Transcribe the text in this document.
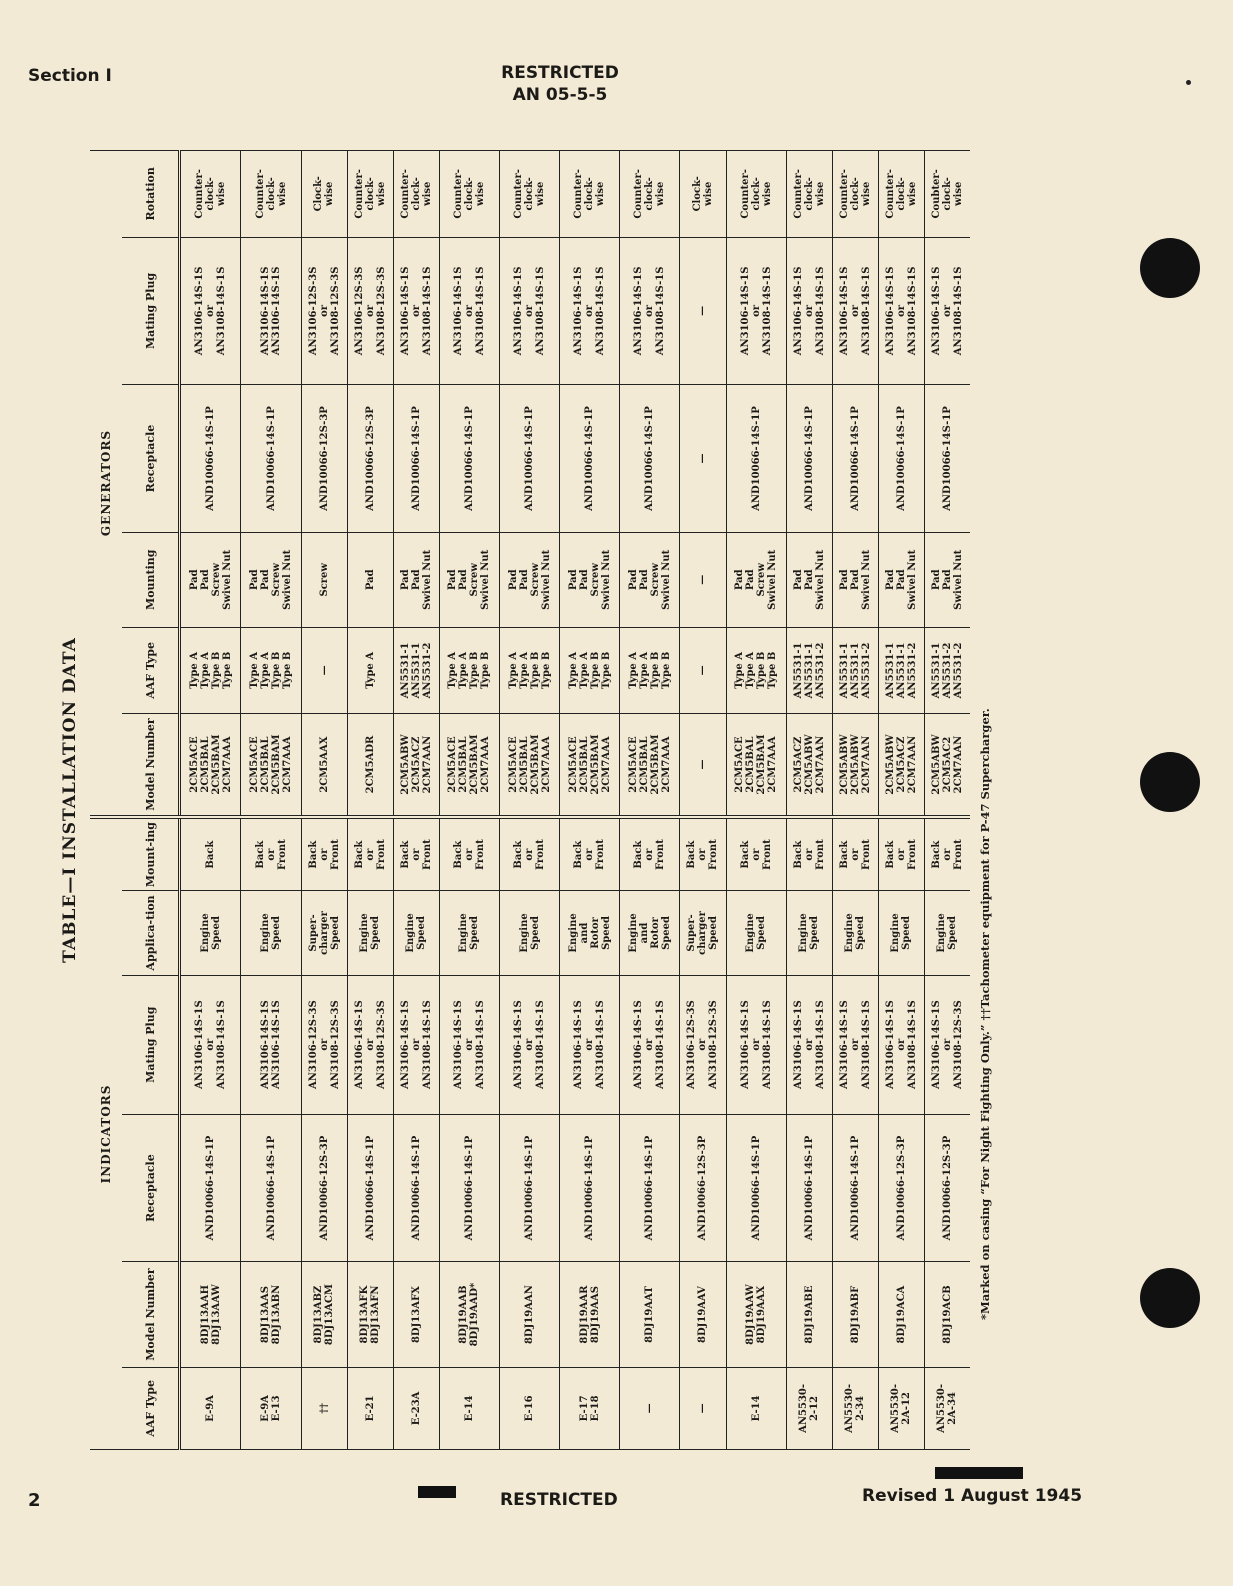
Section I	RESTRICTED
AN 05-5-5
TABLE—I INSTALLATION DATA
INDICATORS						GENERATORS					
AAF Type	Model Number	Receptacle	Mating Plug	Applica-tion	Mount-ing	Model Number	AAF Type	Mounting	Receptacle	Mating Plug	Rotation

E-9A	8DJ13AAH 8DJ13AAW	AND10066-14S-1P	AN3106-14S-1S or AN3108-14S-1S	Engine Speed	Back	2CM5ACE 2CM5BAL 2CM5BAM 2CM7AAA	Type A Type A Type B Type B	Pad Pad Screw Swivel Nut	AND10066-14S-1P	AN3106-14S-1S or AN3108-14S-1S	Counter- clock- wise

E-9A E-13	8DJ13AAS 8DJ13ABN	AND10066-14S-1P	AN3106-14S-1S AN3106-14S-1S	Engine Speed	Back or Front	2CM5ACE 2CM5BAL 2CM5BAM 2CM7AAA	Type A Type A Type B Type B	Pad Pad Screw Swivel Nut	AND10066-14S-1P	AN3106-14S-1S AN3106-14S-1S	Counter- clock- wise

††	8DJ13ABZ 8DJ13ACM	AND10066-12S-3P	AN3106-12S-3S or AN3108-12S-3S	Super- charger Speed	Back or Front	2CM5AAX	—	Screw	AND10066-12S-3P	AN3106-12S-3S or AN3108-12S-3S	Clock- wise

E-21	8DJ13AFK 8DJ13AFN	AND10066-14S-1P	AN3106-14S-1S or AN3108-12S-3S	Engine Speed	Back or Front	2CM5ADR	Type A	Pad	AND10066-12S-3P	AN3106-12S-3S or AN3108-12S-3S	Counter- clock- wise

E-23A	8DJ13AFX	AND10066-14S-1P	AN3106-14S-1S or AN3108-14S-1S	Engine Speed	Back or Front	2CM5ABW 2CM5ACZ 2CM7AAN	AN5531-1 AN5531-1 AN5531-2	Pad Pad Swivel Nut	AND10066-14S-1P	AN3106-14S-1S or AN3108-14S-1S	Counter- clock- wise

E-14	8DJ19AAB 8DJ19AAD*	AND10066-14S-1P	AN3106-14S-1S or AN3108-14S-1S	Engine Speed	Back or Front	2CM5ACE 2CM5BAL 2CM5BAM 2CM7AAA	Type A Type A Type B Type B	Pad Pad Screw Swivel Nut	AND10066-14S-1P	AN3106-14S-1S or AN3108-14S-1S	Counter- clock- wise

E-16	8DJ19AAN	AND10066-14S-1P	AN3106-14S-1S or AN3108-14S-1S	Engine Speed	Back or Front	2CM5ACE 2CM5BAL 2CM5BAM 2CM7AAA	Type A Type A Type B Type B	Pad Pad Screw Swivel Nut	AND10066-14S-1P	AN3106-14S-1S or AN3108-14S-1S	Counter- clock- wise

E-17 E-18	8DJ19AAR 8DJ19AAS	AND10066-14S-1P	AN3106-14S-1S or AN3108-14S-1S	Engine and Rotor Speed	Back or Front	2CM5ACE 2CM5BAL 2CM5BAM 2CM7AAA	Type A Type A Type B Type B	Pad Pad Screw Swivel Nut	AND10066-14S-1P	AN3106-14S-1S or AN3108-14S-1S	Counter- clock- wise

—	8DJ19AAT	AND10066-14S-1P	AN3106-14S-1S or AN3108-14S-1S	Engine and Rotor Speed	Back or Front	2CM5ACE 2CM5BAL 2CM5BAM 2CM7AAA	Type A Type A Type B Type B	Pad Pad Screw Swivel Nut	AND10066-14S-1P	AN3106-14S-1S or AN3108-14S-1S	Counter- clock- wise

—	8DJ19AAV	AND10066-12S-3P	AN3106-12S-3S or AN3108-12S-3S	Super- charger Speed	Back or Front	—	—	—	—	—	Clock- wise

E-14	8DJ19AAW 8DJ19AAX	AND10066-14S-1P	AN3106-14S-1S or AN3108-14S-1S	Engine Speed	Back or Front	2CM5ACE 2CM5BAL 2CM5BAM 2CM7AAA	Type A Type A Type B Type B	Pad Pad Screw Swivel Nut	AND10066-14S-1P	AN3106-14S-1S or AN3108-14S-1S	Counter- clock- wise

AN5530- 2-12	8DJ19ABE	AND10066-14S-1P	AN3106-14S-1S or AN3108-14S-1S	Engine Speed	Back or Front	2CM5ACZ 2CM5ABW 2CM7AAN	AN5531-1 AN5531-1 AN5531-2	Pad Pad Swivel Nut	AND10066-14S-1P	AN3106-14S-1S or AN3108-14S-1S	Counter- clock- wise

AN5530- 2-34	8DJ19ABF	AND10066-14S-1P	AN3106-14S-1S or AN3108-14S-1S	Engine Speed	Back or Front	2CM5ABW 2CM5ABW 2CM7AAN	AN5531-1 AN5531-1 AN5531-2	Pad Pad Swivel Nut	AND10066-14S-1P	AN3106-14S-1S or AN3108-14S-1S	Counter- clock- wise

AN5530- 2A-12	8DJ19ACA	AND10066-12S-3P	AN3106-14S-1S or AN3108-14S-1S	Engine Speed	Back or Front	2CM5ABW 2CM5ACZ 2CM7AAN	AN5531-1 AN5531-1 AN5531-2	Pad Pad Swivel Nut	AND10066-14S-1P	AN3106-14S-1S or AN3108-14S-1S	Counter- clock- wise

AN5530- 2A-34	8DJ19ACB	AND10066-12S-3P	AN3106-14S-1S or AN3108-12S-3S	Engine Speed	Back or Front	2CM5ABW 2CM5AC2 2CM7AAN	AN5531-1 AN5531-2 AN5531-2	Pad Pad Swivel Nut	AND10066-14S-1P	AN3106-14S-1S or AN3108-14S-1S	Coubter- clock- wise
*Marked on casing “For Night Fighting Only.” ††Tachometer equipment for P-47 Supercharger.
2	RESTRICTED	Revised 1 August 1945
